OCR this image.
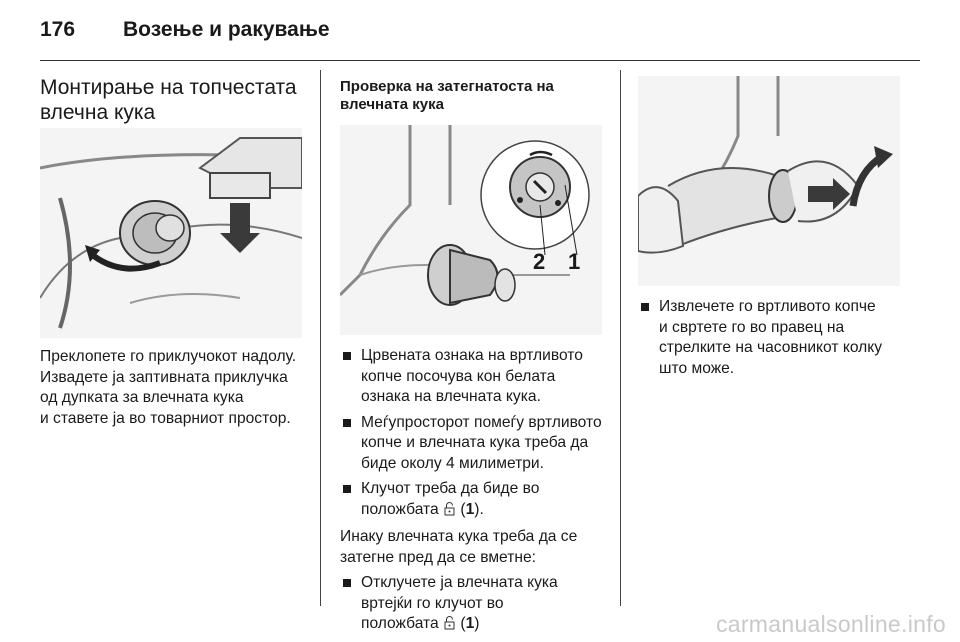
176 Возење и ракување
Монтирање на топчестата
влечна кука
Преклопете го приклучокот надолу.
Извадете ја заптивната приклучка
од дупката за влечната кука
и ставете ја во товарниот простор.
Проверка на затегнатоста на
влечната кука
2 1
Црвената ознака на вртливото
копче посочува кон белата
ознака на влечната кука.
Меѓупросторот помеѓу вртливото
копче и влечната кука треба да
биде околу 4 милиметри.
Клучот треба да биде во
положбата  (1).
Инаку влечната кука треба да се
затегне пред да се вметне:
Отклучете ја влечната кука
вртејќи го клучот во
положбата  (1)
Извлечете го вртливото копче
и свртете го во правец на
стрелките на часовникот колку
што може.
carmanualsonline.info
